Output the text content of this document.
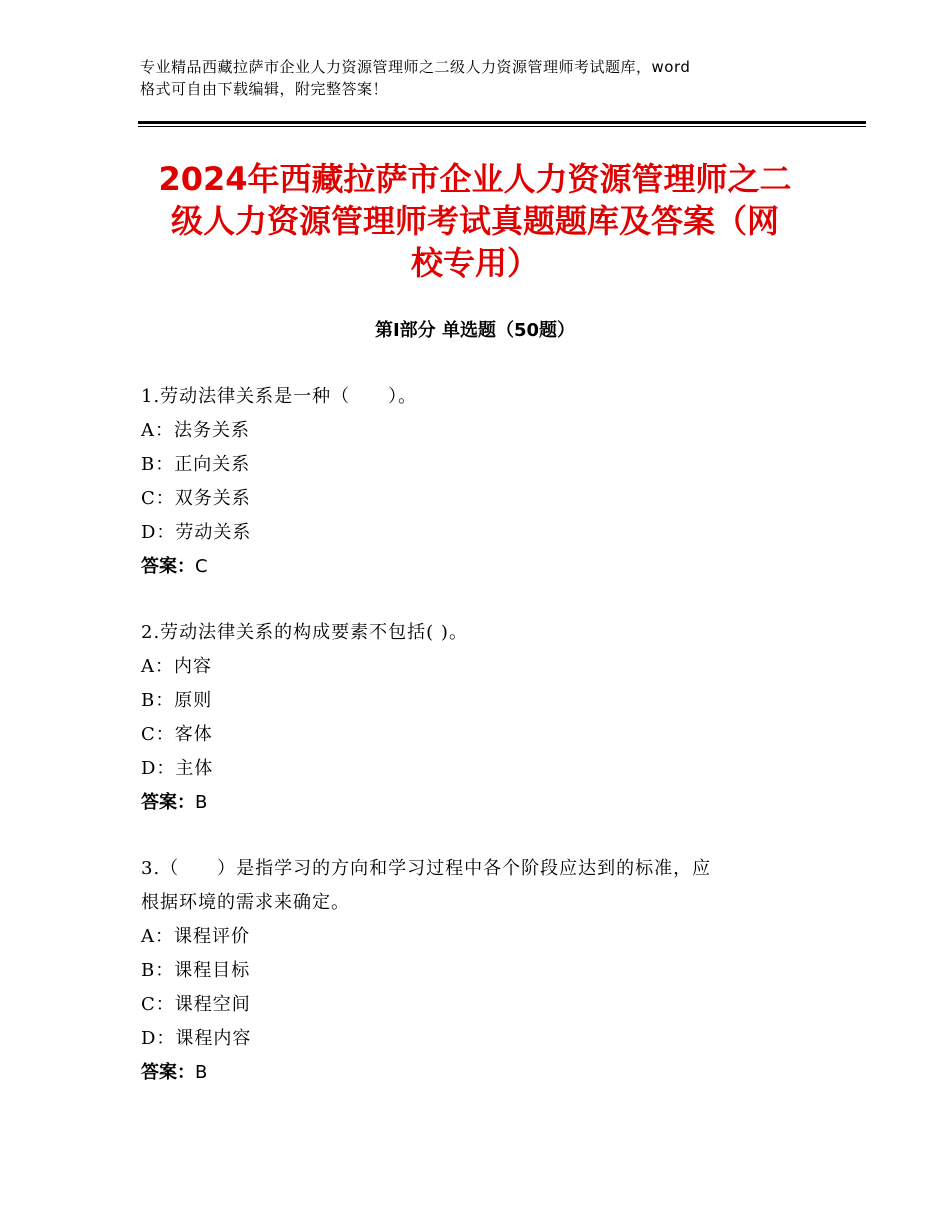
专业精品西藏拉萨市企业人力资源管理师之二级人力资源管理师考试题库，word
格式可自由下载编辑，附完整答案！
2024年西藏拉萨市企业人力资源管理师之二
级人力资源管理师考试真题题库及答案（网
校专用）
第Ⅰ部分 单选题（50题）
1.劳动法律关系是一种（　　）。
A：法务关系
B：正向关系
C：双务关系
D：劳动关系
答案：C
2.劳动法律关系的构成要素不包括( )。
A：内容
B：原则
C：客体
D：主体
答案：B
3.（　　）是指学习的方向和学习过程中各个阶段应达到的标准，应
根据环境的需求来确定。
A：课程评价
B：课程目标
C：课程空间
D：课程内容
答案：B
